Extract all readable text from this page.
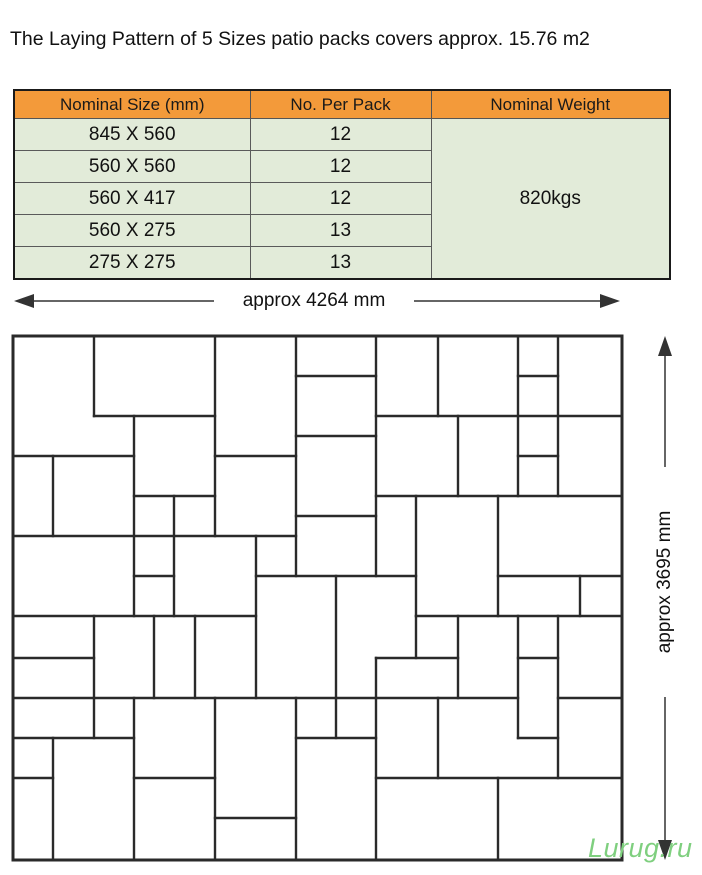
The Laying Pattern of 5 Sizes patio packs covers approx. 15.76 m2
Nominal Size (mm)	No. Per Pack	Nominal Weight
845 X 560	12	820kgs
560 X 560	12	
560 X 417	12	
560 X 275	13	
275 X 275	13	
approx 4264 mm
approx 3695 mm
Lurug.ru
